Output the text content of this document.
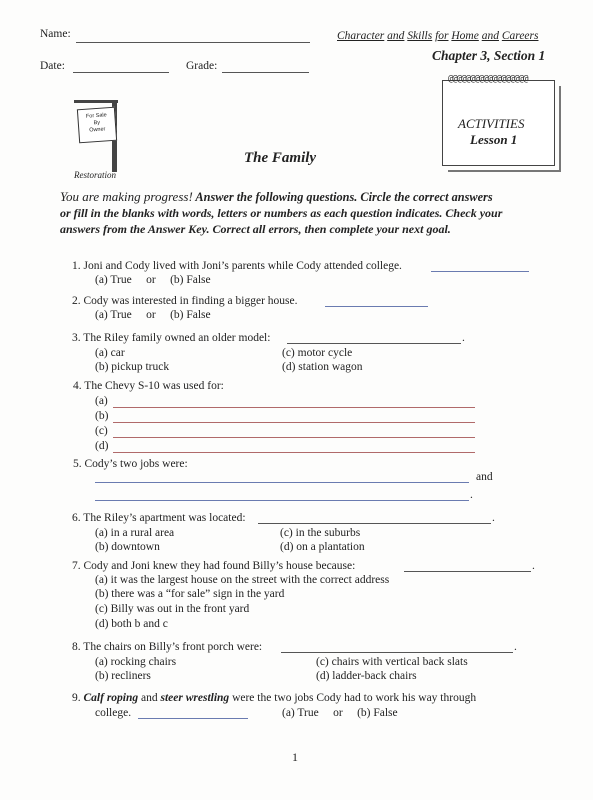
Name:	Character and Skills for Home and Careers
Date:	Grade:
Chapter 3, Section 1
For Sale
By
Owner
Restoration
@@@@@@@@@@@@@@@@@@
ACTIVITIES
Lesson 1
The Family
You are making progress! Answer the following questions. Circle the correct answers
or fill in the blanks with words, letters or numbers as each question indicates. Check your
answers from the Answer Key. Correct all errors, then complete your next goal.
1. Joni and Cody lived with Joni’s parents while Cody attended college.
(a) True     or     (b) False
2. Cody was interested in finding a bigger house.
(a) True     or     (b) False
3. The Riley family owned an older model:	.
(a) car	(c) motor cycle
(b) pickup truck	(d) station wagon
4. The Chevy S-10 was used for:
(a)
(b)
(c)
(d)
5. Cody’s two jobs were:
and
.
6. The Riley’s apartment was located:	.
(a) in a rural area	(c) in the suburbs
(b) downtown	(d) on a plantation
7. Cody and Joni knew they had found Billy’s house because:	.
(a) it was the largest house on the street with the correct address
(b) there was a “for sale” sign in the yard
(c) Billy was out in the front yard
(d) both b and c
8. The chairs on Billy’s front porch were:	.
(a) rocking chairs	(c) chairs with vertical back slats
(b) recliners	(d) ladder-back chairs
9. Calf roping and steer wrestling were the two jobs Cody had to work his way through
college.	(a) True     or     (b) False
1
